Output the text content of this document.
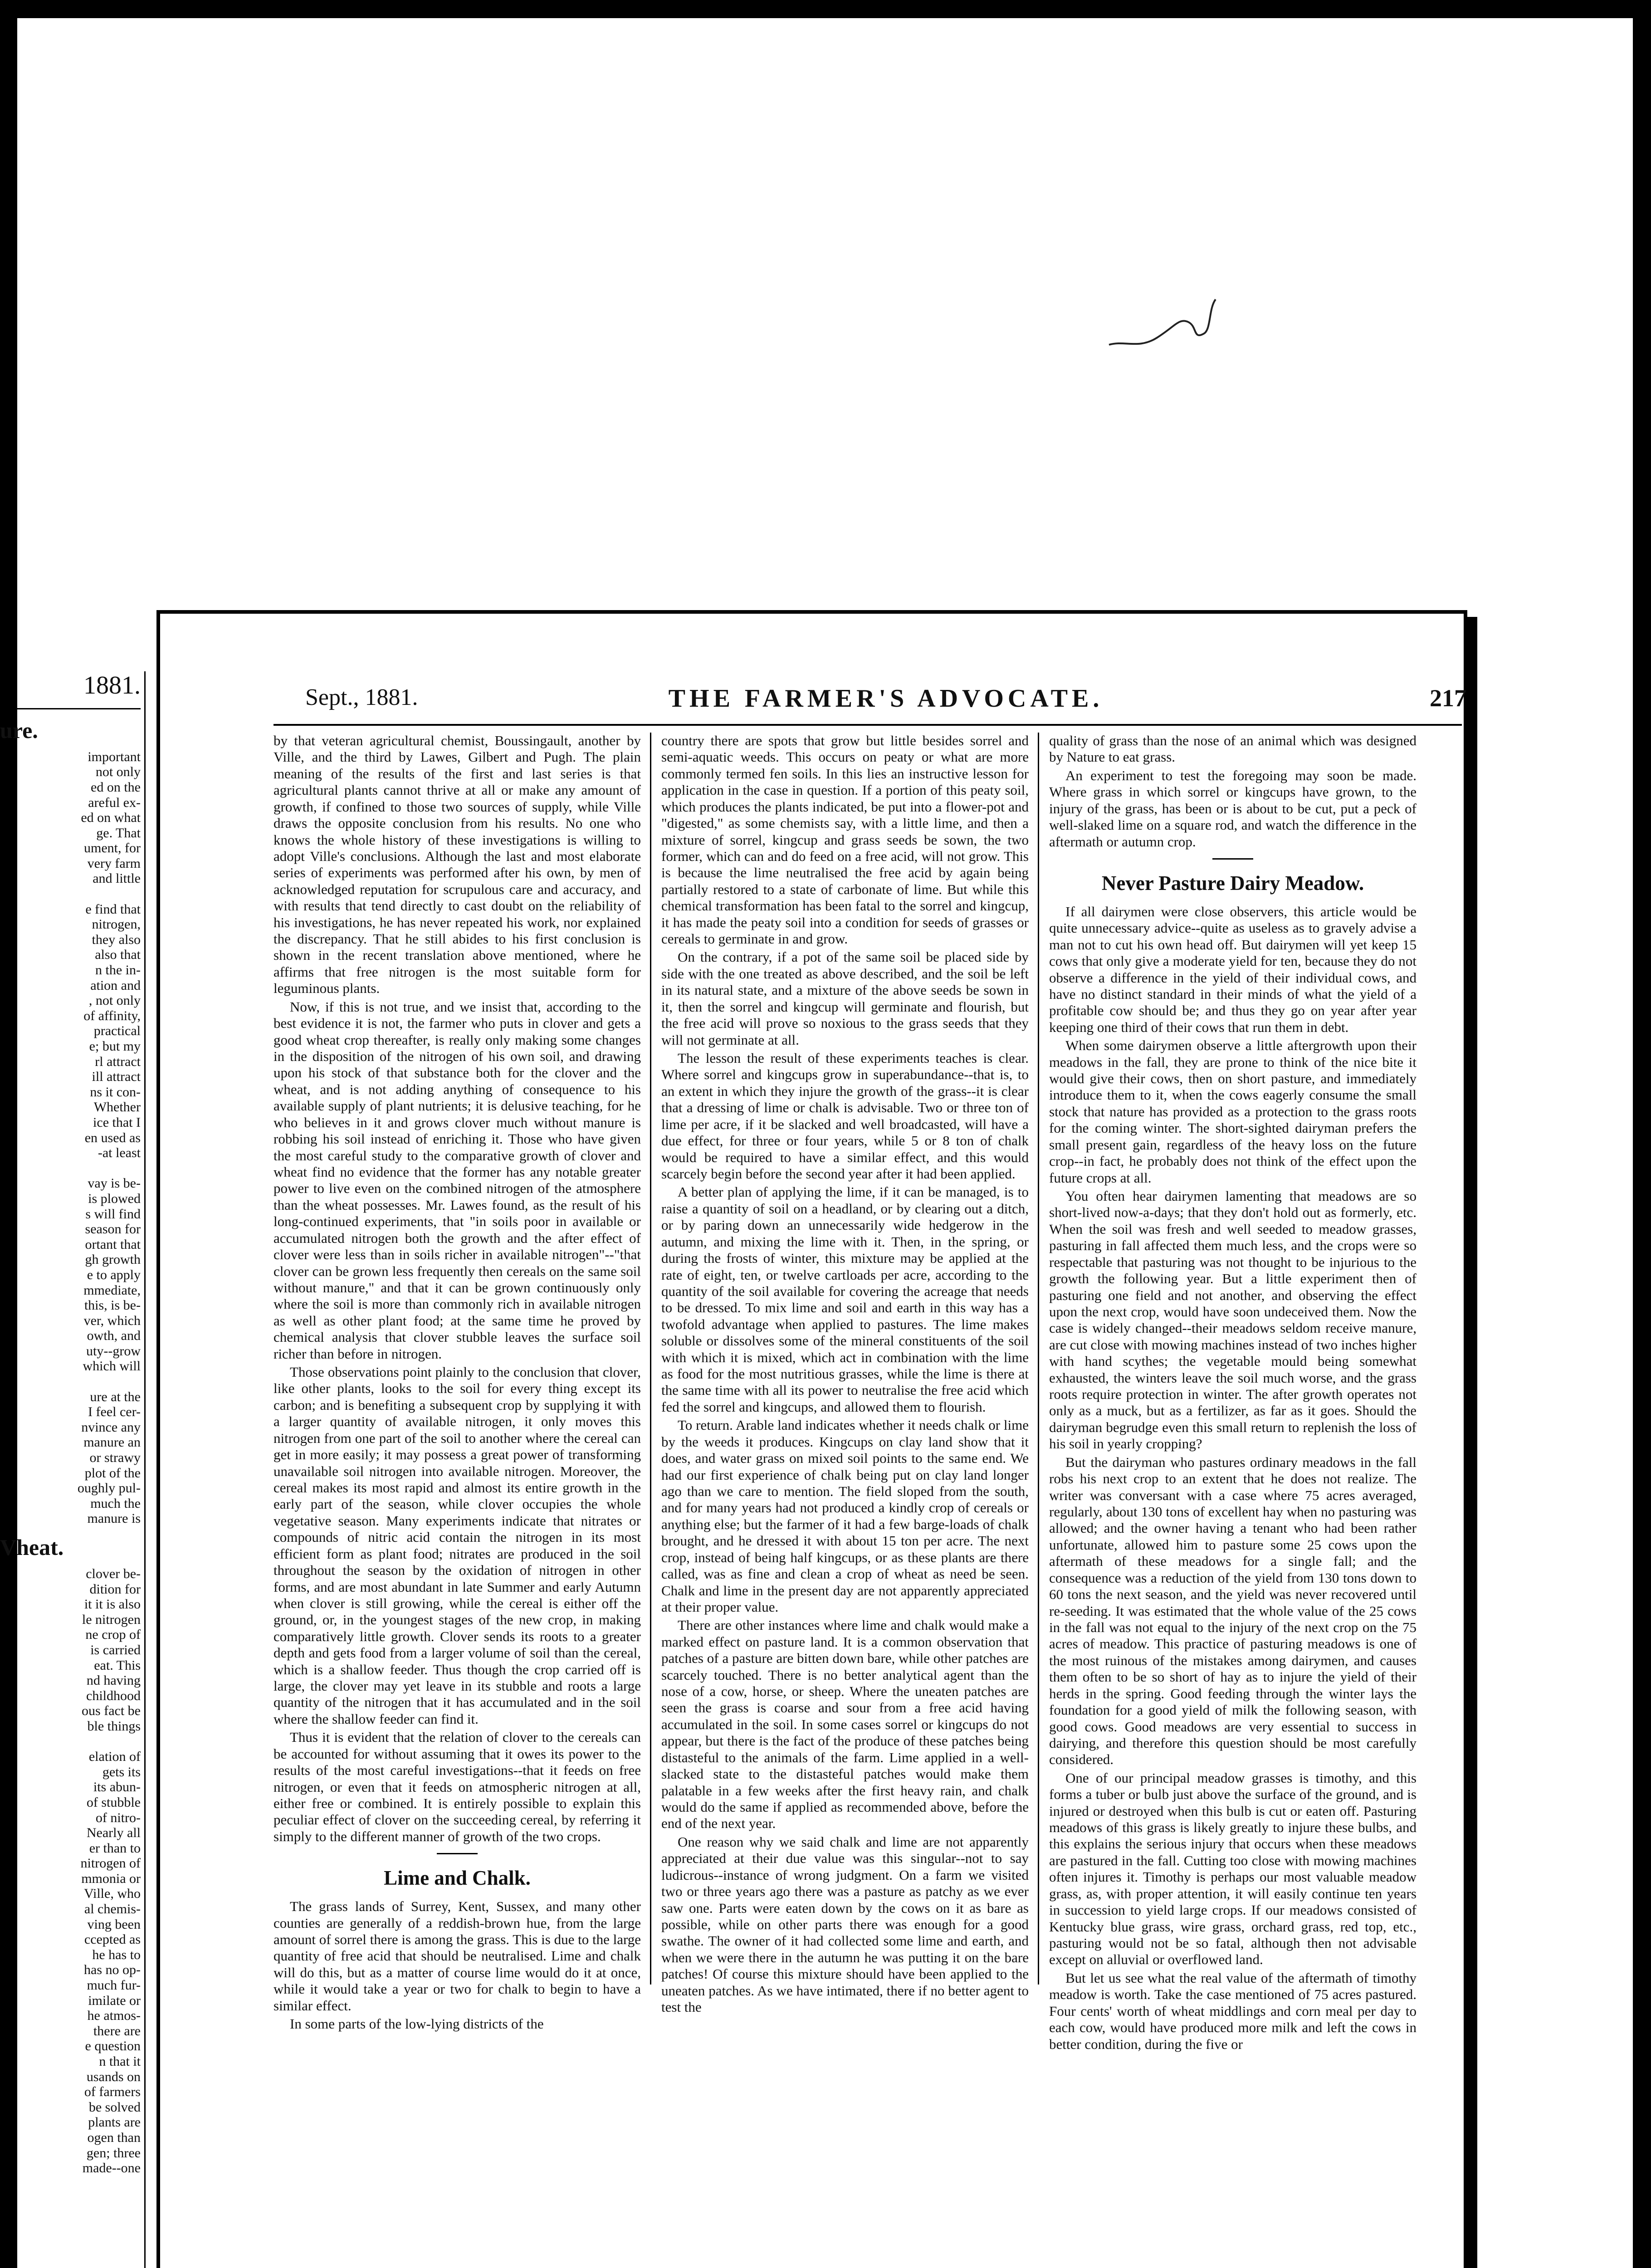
1881.
ure.
important
not only
ed on the
areful ex-
ed on what
ge. That
ument, for
very farm
and little

e find that
nitrogen,
they also
also that
n the in-
ation and
, not only
of affinity,
practical
e; but my
rl attract
ill attract
ns it con-
Whether
ice that I
en used as
-at least

vay is be-
is plowed
s will find
season for
ortant that
gh growth
e to apply
mmediate,
this, is be-
ver, which
owth, and
uty--grow
which will

ure at the
I feel cer-
nvince any
manure an
or strawy
plot of the
oughly pul-
much the
manure is
Vheat.
clover be-
dition for
it it is also
le nitrogen
ne crop of
is carried
eat. This
nd having
childhood
ous fact be
ble things

elation of
gets its
its abun-
of stubble
of nitro-
Nearly all
er than to
nitrogen of
mmonia or
Ville, who
al chemis-
ving been
ccepted as
he has to
has no op-
much fur-
imilate or
he atmos-
there are
e question
n that it
usands on
of farmers
be solved
plants are
ogen than
gen; three
made--one
Sept., 1881.	THE FARMER'S ADVOCATE.	217

by that veteran agricultural chemist, Boussingault, another by Ville, and the third by Lawes, Gilbert and Pugh. The plain meaning of the results of the first and last series is that agricultural plants cannot thrive at all or make any amount of growth, if confined to those two sources of supply, while Ville draws the opposite conclusion from his results. No one who knows the whole history of these investigations is willing to adopt Ville's conclusions. Although the last and most elaborate series of experiments was performed after his own, by men of acknowledged reputation for scrupulous care and accuracy, and with results that tend directly to cast doubt on the reliability of his investigations, he has never repeated his work, nor explained the discrepancy. That he still abides to his first conclusion is shown in the recent translation above mentioned, where he affirms that free nitrogen is the most suitable form for leguminous plants.

Now, if this is not true, and we insist that, according to the best evidence it is not, the farmer who puts in clover and gets a good wheat crop thereafter, is really only making some changes in the disposition of the nitrogen of his own soil, and drawing upon his stock of that substance both for the clover and the wheat, and is not adding anything of consequence to his available supply of plant nutrients; it is delusive teaching, for he who believes in it and grows clover much without manure is robbing his soil instead of enriching it. Those who have given the most careful study to the comparative growth of clover and wheat find no evidence that the former has any notable greater power to live even on the combined nitrogen of the atmosphere than the wheat possesses. Mr. Lawes found, as the result of his long-continued experiments, that "in soils poor in available or accumulated nitrogen both the growth and the after effect of clover were less than in soils richer in available nitrogen"--"that clover can be grown less frequently then cereals on the same soil without manure," and that it can be grown continuously only where the soil is more than commonly rich in available nitrogen as well as other plant food; at the same time he proved by chemical analysis that clover stubble leaves the surface soil richer than before in nitrogen.

Those observations point plainly to the conclusion that clover, like other plants, looks to the soil for every thing except its carbon; and is benefiting a subsequent crop by supplying it with a larger quantity of available nitrogen, it only moves this nitrogen from one part of the soil to another where the cereal can get in more easily; it may possess a great power of transforming unavailable soil nitrogen into available nitrogen. Moreover, the cereal makes its most rapid and almost its entire growth in the early part of the season, while clover occupies the whole vegetative season. Many experiments indicate that nitrates or compounds of nitric acid contain the nitrogen in its most efficient form as plant food; nitrates are produced in the soil throughout the season by the oxidation of nitrogen in other forms, and are most abundant in late Summer and early Autumn when clover is still growing, while the cereal is either off the ground, or, in the youngest stages of the new crop, in making comparatively little growth. Clover sends its roots to a greater depth and gets food from a larger volume of soil than the cereal, which is a shallow feeder. Thus though the crop carried off is large, the clover may yet leave in its stubble and roots a large quantity of the nitrogen that it has accumulated and in the soil where the shallow feeder can find it.

Thus it is evident that the relation of clover to the cereals can be accounted for without assuming that it owes its power to the results of the most careful investigations--that it feeds on free nitrogen, or even that it feeds on atmospheric nitrogen at all, either free or combined. It is entirely possible to explain this peculiar effect of clover on the succeeding cereal, by referring it simply to the different manner of growth of the two crops.

Lime and Chalk.

The grass lands of Surrey, Kent, Sussex, and many other counties are generally of a reddish-brown hue, from the large amount of sorrel there is among the grass. This is due to the large quantity of free acid that should be neutralised. Lime and chalk will do this, but as a matter of course lime would do it at once, while it would take a year or two for chalk to begin to have a similar effect.

In some parts of the low-lying districts of the

country there are spots that grow but little besides sorrel and semi-aquatic weeds. This occurs on peaty or what are more commonly termed fen soils. In this lies an instructive lesson for application in the case in question. If a portion of this peaty soil, which produces the plants indicated, be put into a flower-pot and "digested," as some chemists say, with a little lime, and then a mixture of sorrel, kingcup and grass seeds be sown, the two former, which can and do feed on a free acid, will not grow. This is because the lime neutralised the free acid by again being partially restored to a state of carbonate of lime. But while this chemical transformation has been fatal to the sorrel and kingcup, it has made the peaty soil into a condition for seeds of grasses or cereals to germinate in and grow.

On the contrary, if a pot of the same soil be placed side by side with the one treated as above described, and the soil be left in its natural state, and a mixture of the above seeds be sown in it, then the sorrel and kingcup will germinate and flourish, but the free acid will prove so noxious to the grass seeds that they will not germinate at all.

The lesson the result of these experiments teaches is clear. Where sorrel and kingcups grow in superabundance--that is, to an extent in which they injure the growth of the grass--it is clear that a dressing of lime or chalk is advisable. Two or three ton of lime per acre, if it be slacked and well broadcasted, will have a due effect, for three or four years, while 5 or 8 ton of chalk would be required to have a similar effect, and this would scarcely begin before the second year after it had been applied.

A better plan of applying the lime, if it can be managed, is to raise a quantity of soil on a headland, or by clearing out a ditch, or by paring down an unnecessarily wide hedgerow in the autumn, and mixing the lime with it. Then, in the spring, or during the frosts of winter, this mixture may be applied at the rate of eight, ten, or twelve cartloads per acre, according to the quantity of the soil available for covering the acreage that needs to be dressed. To mix lime and soil and earth in this way has a twofold advantage when applied to pastures. The lime makes soluble or dissolves some of the mineral constituents of the soil with which it is mixed, which act in combination with the lime as food for the most nutritious grasses, while the lime is there at the same time with all its power to neutralise the free acid which fed the sorrel and kingcups, and allowed them to flourish.

To return. Arable land indicates whether it needs chalk or lime by the weeds it produces. Kingcups on clay land show that it does, and water grass on mixed soil points to the same end. We had our first experience of chalk being put on clay land longer ago than we care to mention. The field sloped from the south, and for many years had not produced a kindly crop of cereals or anything else; but the farmer of it had a few barge-loads of chalk brought, and he dressed it with about 15 ton per acre. The next crop, instead of being half kingcups, or as these plants are there called, was as fine and clean a crop of wheat as need be seen. Chalk and lime in the present day are not apparently appreciated at their proper value.

There are other instances where lime and chalk would make a marked effect on pasture land. It is a common observation that patches of a pasture are bitten down bare, while other patches are scarcely touched. There is no better analytical agent than the nose of a cow, horse, or sheep. Where the uneaten patches are seen the grass is coarse and sour from a free acid having accumulated in the soil. In some cases sorrel or kingcups do not appear, but there is the fact of the produce of these patches being distasteful to the animals of the farm. Lime applied in a well-slacked state to the distasteful patches would make them palatable in a few weeks after the first heavy rain, and chalk would do the same if applied as recommended above, before the end of the next year.

One reason why we said chalk and lime are not apparently appreciated at their due value was this singular--not to say ludicrous--instance of wrong judgment. On a farm we visited two or three years ago there was a pasture as patchy as we ever saw one. Parts were eaten down by the cows on it as bare as possible, while on other parts there was enough for a good swathe. The owner of it had collected some lime and earth, and when we were there in the autumn he was putting it on the bare patches! Of course this mixture should have been applied to the uneaten patches. As we have intimated, there if no better agent to test the

quality of grass than the nose of an animal which was designed by Nature to eat grass.

An experiment to test the foregoing may soon be made. Where grass in which sorrel or kingcups have grown, to the injury of the grass, has been or is about to be cut, put a peck of well-slaked lime on a square rod, and watch the difference in the aftermath or autumn crop.

Never Pasture Dairy Meadow.

If all dairymen were close observers, this article would be quite unnecessary advice--quite as useless as to gravely advise a man not to cut his own head off. But dairymen will yet keep 15 cows that only give a moderate yield for ten, because they do not observe a difference in the yield of their individual cows, and have no distinct standard in their minds of what the yield of a profitable cow should be; and thus they go on year after year keeping one third of their cows that run them in debt.

When some dairymen observe a little aftergrowth upon their meadows in the fall, they are prone to think of the nice bite it would give their cows, then on short pasture, and immediately introduce them to it, when the cows eagerly consume the small stock that nature has provided as a protection to the grass roots for the coming winter. The short-sighted dairyman prefers the small present gain, regardless of the heavy loss on the future crop--in fact, he probably does not think of the effect upon the future crops at all.

You often hear dairymen lamenting that meadows are so short-lived now-a-days; that they don't hold out as formerly, etc. When the soil was fresh and well seeded to meadow grasses, pasturing in fall affected them much less, and the crops were so respectable that pasturing was not thought to be injurious to the growth the following year. But a little experiment then of pasturing one field and not another, and observing the effect upon the next crop, would have soon undeceived them. Now the case is widely changed--their meadows seldom receive manure, are cut close with mowing machines instead of two inches higher with hand scythes; the vegetable mould being somewhat exhausted, the winters leave the soil much worse, and the grass roots require protection in winter. The after growth operates not only as a muck, but as a fertilizer, as far as it goes. Should the dairyman begrudge even this small return to replenish the loss of his soil in yearly cropping?

But the dairyman who pastures ordinary meadows in the fall robs his next crop to an extent that he does not realize. The writer was conversant with a case where 75 acres averaged, regularly, about 130 tons of excellent hay when no pasturing was allowed; and the owner having a tenant who had been rather unfortunate, allowed him to pasture some 25 cows upon the aftermath of these meadows for a single fall; and the consequence was a reduction of the yield from 130 tons down to 60 tons the next season, and the yield was never recovered until re-seeding. It was estimated that the whole value of the 25 cows in the fall was not equal to the injury of the next crop on the 75 acres of meadow. This practice of pasturing meadows is one of the most ruinous of the mistakes among dairymen, and causes them often to be so short of hay as to injure the yield of their herds in the spring. Good feeding through the winter lays the foundation for a good yield of milk the following season, with good cows. Good meadows are very essential to success in dairying, and therefore this question should be most carefully considered.

One of our principal meadow grasses is timothy, and this forms a tuber or bulb just above the surface of the ground, and is injured or destroyed when this bulb is cut or eaten off. Pasturing meadows of this grass is likely greatly to injure these bulbs, and this explains the serious injury that occurs when these meadows are pastured in the fall. Cutting too close with mowing machines often injures it. Timothy is perhaps our most valuable meadow grass, as, with proper attention, it will easily continue ten years in succession to yield large crops. If our meadows consisted of Kentucky blue grass, wire grass, orchard grass, red top, etc., pasturing would not be so fatal, although then not advisable except on alluvial or overflowed land.

But let us see what the real value of the aftermath of timothy meadow is worth. Take the case mentioned of 75 acres pastured. Four cents' worth of wheat middlings and corn meal per day to each cow, would have produced more milk and left the cows in better condition, during the five or
